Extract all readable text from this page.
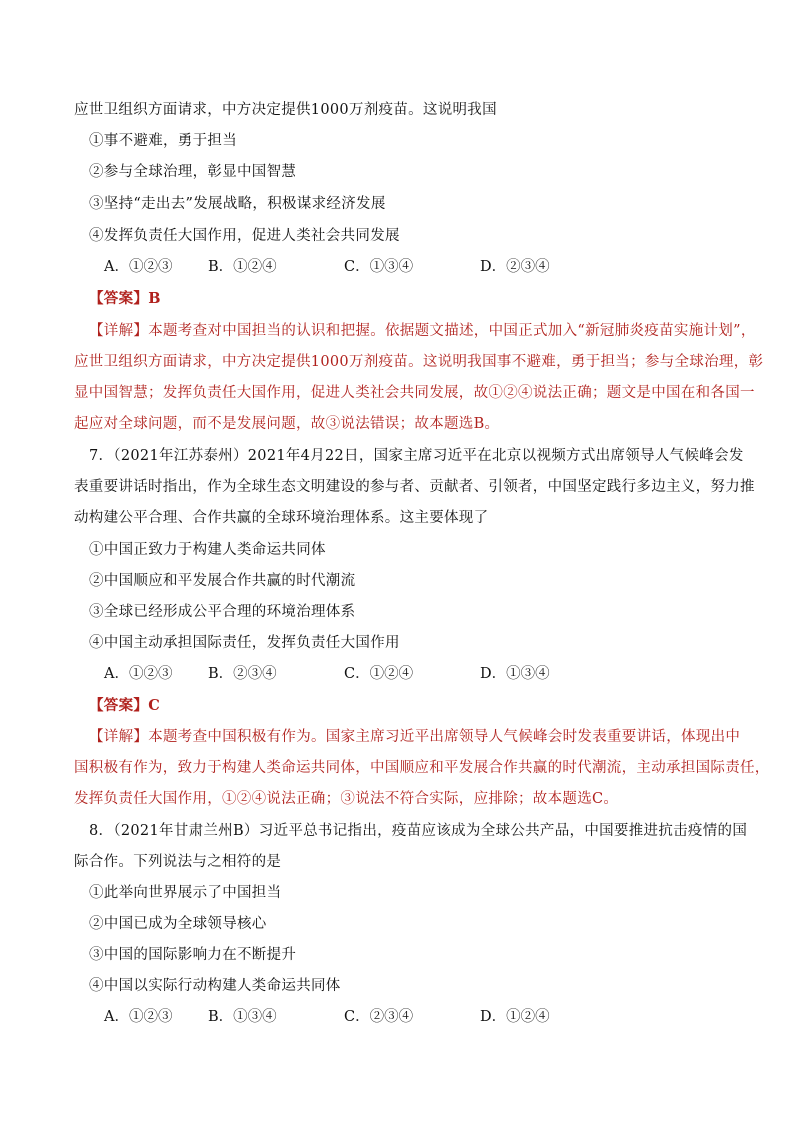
应世卫组织方面请求，中方决定提供1000万剂疫苗。这说明我国
①事不避难，勇于担当
②参与全球治理，彰显中国智慧
③坚持“走出去”发展战略，积极谋求经济发展
④发挥负责任大国作用，促进人类社会共同发展
A．①②③ B．①②④	C．①③④	D．②③④
【答案】B
【详解】本题考查对中国担当的认识和把握。依据题文描述，中国正式加入“新冠肺炎疫苗实施计划”，
应世卫组织方面请求，中方决定提供1000万剂疫苗。这说明我国事不避难，勇于担当；参与全球治理，彰
显中国智慧；发挥负责任大国作用，促进人类社会共同发展，故①②④说法正确；题文是中国在和各国一
起应对全球问题，而不是发展问题，故③说法错误；故本题选B。
7．（2021年江苏泰州）2021年4月22日，国家主席习近平在北京以视频方式出席领导人气候峰会发
表重要讲话时指出，作为全球生态文明建设的参与者、贡献者、引领者，中国坚定践行多边主义，努力推
动构建公平合理、合作共赢的全球环境治理体系。这主要体现了
①中国正致力于构建人类命运共同体
②中国顺应和平发展合作共赢的时代潮流
③全球已经形成公平合理的环境治理体系
④中国主动承担国际责任，发挥负责任大国作用
A．①②③ B．②③④	C．①②④	D．①③④
【答案】C
【详解】本题考查中国积极有作为。国家主席习近平出席领导人气候峰会时发表重要讲话，体现出中
国积极有作为，致力于构建人类命运共同体，中国顺应和平发展合作共赢的时代潮流，主动承担国际责任，
发挥负责任大国作用，①②④说法正确；③说法不符合实际，应排除；故本题选C。
8．（2021年甘肃兰州B）习近平总书记指出，疫苗应该成为全球公共产品，中国要推进抗击疫情的国
际合作。下列说法与之相符的是
①此举向世界展示了中国担当
②中国已成为全球领导核心
③中国的国际影响力在不断提升
④中国以实际行动构建人类命运共同体
A．①②③ B．①③④	C．②③④	D．①②④
